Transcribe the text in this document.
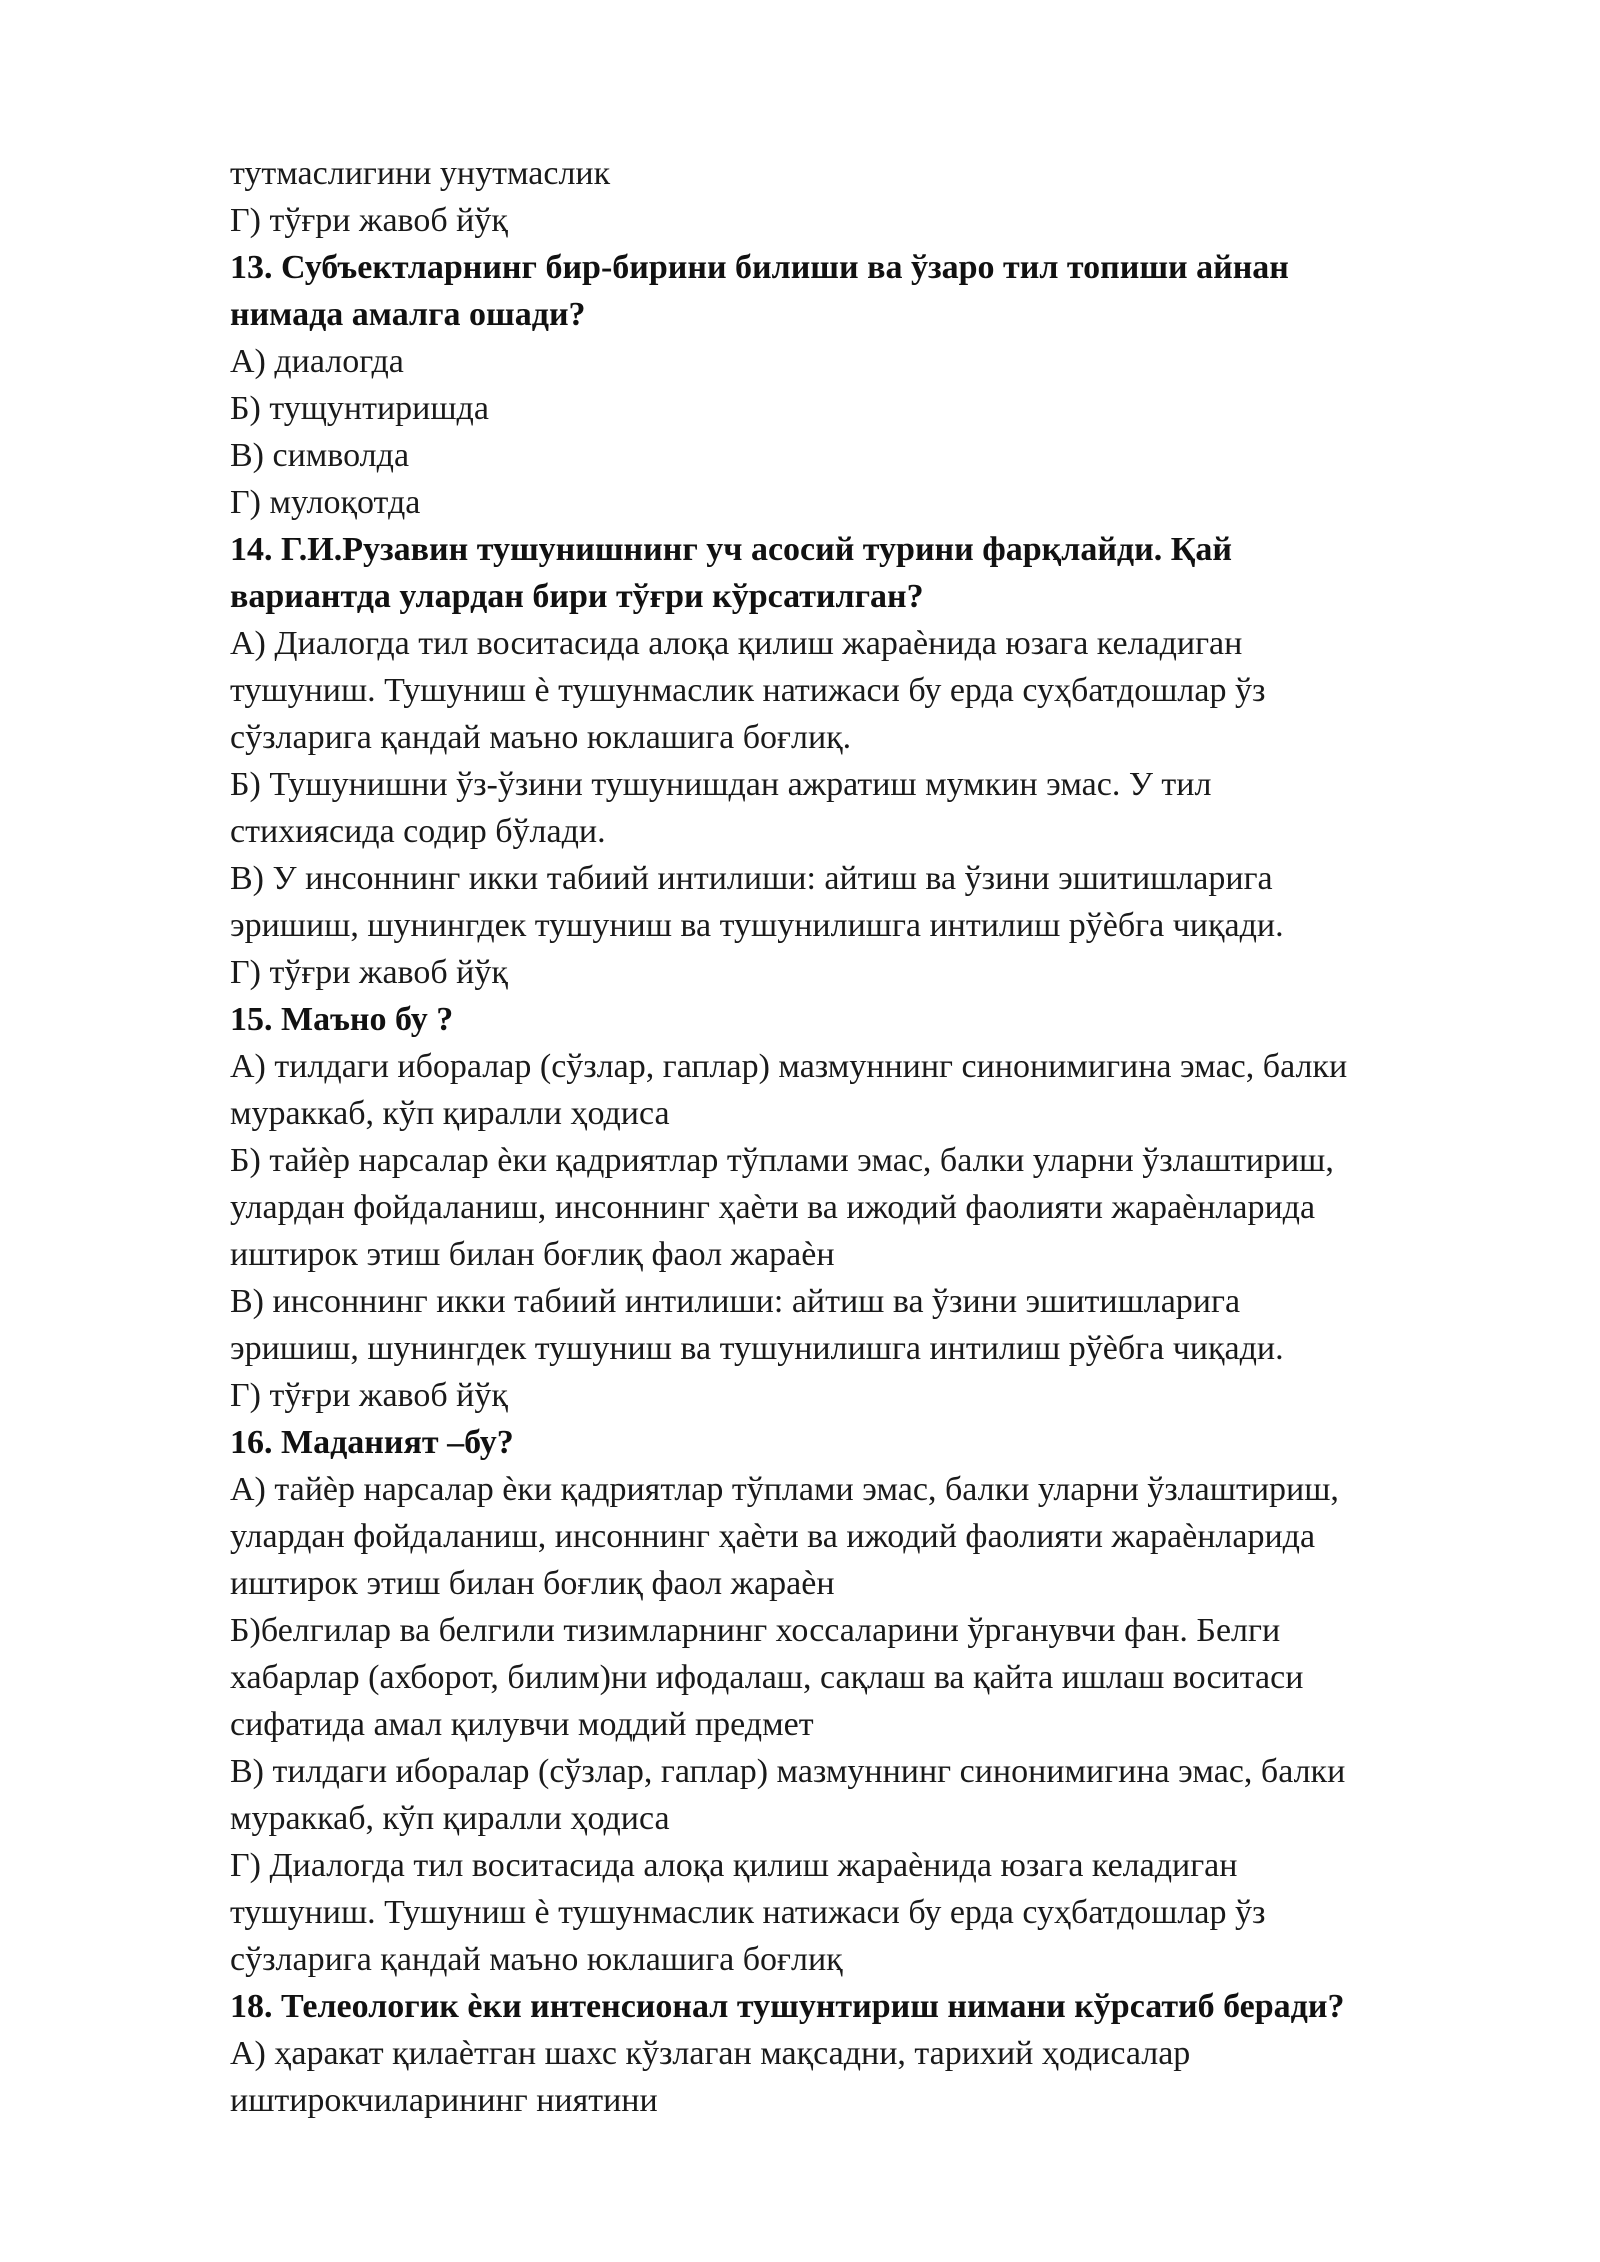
тутмаслигини унутмаслик

Г) тўғри жавоб йўқ

13. Субъектларнинг бир-бирини билиши ва ўзаро тил топиши айнан

нимада амалга ошади?

А) диалогда

Б) тущунтиришда

В) символда

Г) мулоқотда

14. Г.И.Рузавин тушунишнинг уч асосий турини фарқлайди. Қай

вариантда улардан бири тўғри кўрсатилган?

А) Диалогда тил воситасида алоқа қилиш жараѐнида юзага келадиган

тушуниш. Тушуниш ѐ тушунмаслик натижаси бу ерда суҳбатдошлар ўз

сўзларига қандай маъно юклашига боғлиқ.

Б) Тушунишни ўз-ўзини тушунишдан ажратиш мумкин эмас. У тил

стихиясида содир бўлади.

В) У инсоннинг икки табиий интилиши: айтиш ва ўзини эшитишларига

эришиш, шунингдек тушуниш ва тушунилишга интилиш рўѐбга чиқади.

Г) тўғри жавоб йўқ

15. Маъно бу ?

А) тилдаги иборалар (сўзлар, гаплар) мазмуннинг синонимигина эмас, балки

мураккаб, кўп қиралли ҳодиса

Б) тайѐр нарсалар ѐки қадриятлар тўплами эмас, балки уларни ўзлаштириш,

улардан фойдаланиш, инсоннинг ҳаѐти ва ижодий фаолияти жараѐнларида

иштирок этиш билан боғлиқ фаол жараѐн

В) инсоннинг икки табиий интилиши: айтиш ва ўзини эшитишларига

эришиш, шунингдек тушуниш ва тушунилишга интилиш рўѐбга чиқади.

Г) тўғри жавоб йўқ

16. Маданият –бу?

А) тайѐр нарсалар ѐки қадриятлар тўплами эмас, балки уларни ўзлаштириш,

улардан фойдаланиш, инсоннинг ҳаѐти ва ижодий фаолияти жараѐнларида

иштирок этиш билан боғлиқ фаол жараѐн

Б)белгилар ва белгили тизимларнинг хоссаларини ўрганувчи фан. Белги

хабарлар (ахборот, билим)ни ифодалаш, сақлаш ва қайта ишлаш воситаси

сифатида амал қилувчи моддий предмет

В) тилдаги иборалар (сўзлар, гаплар) мазмуннинг синонимигина эмас, балки

мураккаб, кўп қиралли ҳодиса

Г) Диалогда тил воситасида алоқа қилиш жараѐнида юзага келадиган

тушуниш. Тушуниш ѐ тушунмаслик натижаси бу ерда суҳбатдошлар ўз

сўзларига қандай маъно юклашига боғлиқ

18. Телеологик ѐки интенсионал тушунтириш нимани кўрсатиб беради?

А) ҳаракат қилаѐтган шахс кўзлаган мақсадни, тарихий ҳодисалар

иштирокчиларининг ниятини
